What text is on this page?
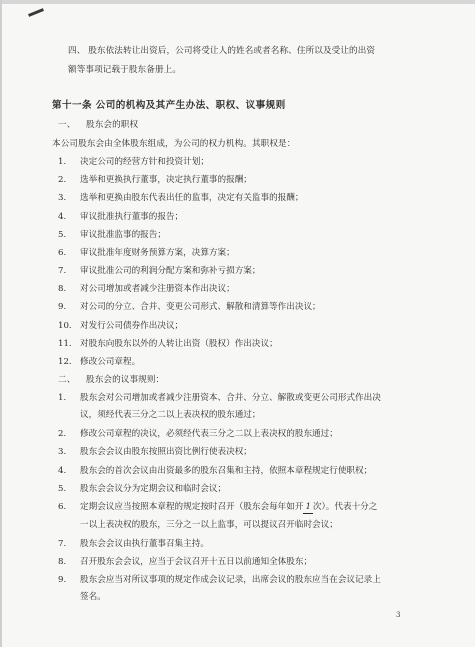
四、 股东依法转让出资后，公司将受让人的姓名或者名称、住所以及受让的出资
额等事项记载于股东备册上。
第十一条 公司的机构及其产生办法、职权、议事规则
一、 股东会的职权
本公司股东会由全体股东组成，为公司的权力机构。其职权是：
1. 决定公司的经营方针和投资计划；
2. 选举和更换执行董事，决定执行董事的报酬；
3. 选举和更换由股东代表出任的监事，决定有关监事的报酬；
4. 审议批准执行董事的报告；
5. 审议批准监事的报告；
6. 审议批准年度财务预算方案，决算方案；
7. 审议批准公司的利润分配方案和弥补亏损方案；
8. 对公司增加或者减少注册资本作出决议；
9. 对公司的分立、合并、变更公司形式、解散和清算等作出决议；
10. 对发行公司债券作出决议；
11. 对股东向股东以外的人转让出资（股权）作出决议；
12. 修改公司章程。
二、 股东会的议事规则：
1. 股东会对公司增加或者减少注册资本、合并、分立、解散或变更公司形式作出决
议，须经代表三分之二以上表决权的股东通过；
2. 修改公司章程的决议，必须经代表三分之二以上表决权的股东通过；
3. 股东会会议由股东按照出资比例行使表决权；
4. 股东会的首次会议由出资最多的股东召集和主持，依照本章程规定行使职权；
5. 股东会会议分为定期会议和临时会议；
6. 定期会议应当按照本章程的规定按时召开（股东会每年如开 1 次）。代表十分之
一以上表决权的股东，三分之一以上监事，可以提议召开临时会议；
7. 股东会会议由执行董事召集主持。
8. 召开股东会会议，应当于会议召开十五日以前通知全体股东；
9. 股东会应当对所议事项的规定作成会议记录，出席会议的股东应当在会议记录上
签名。
3
